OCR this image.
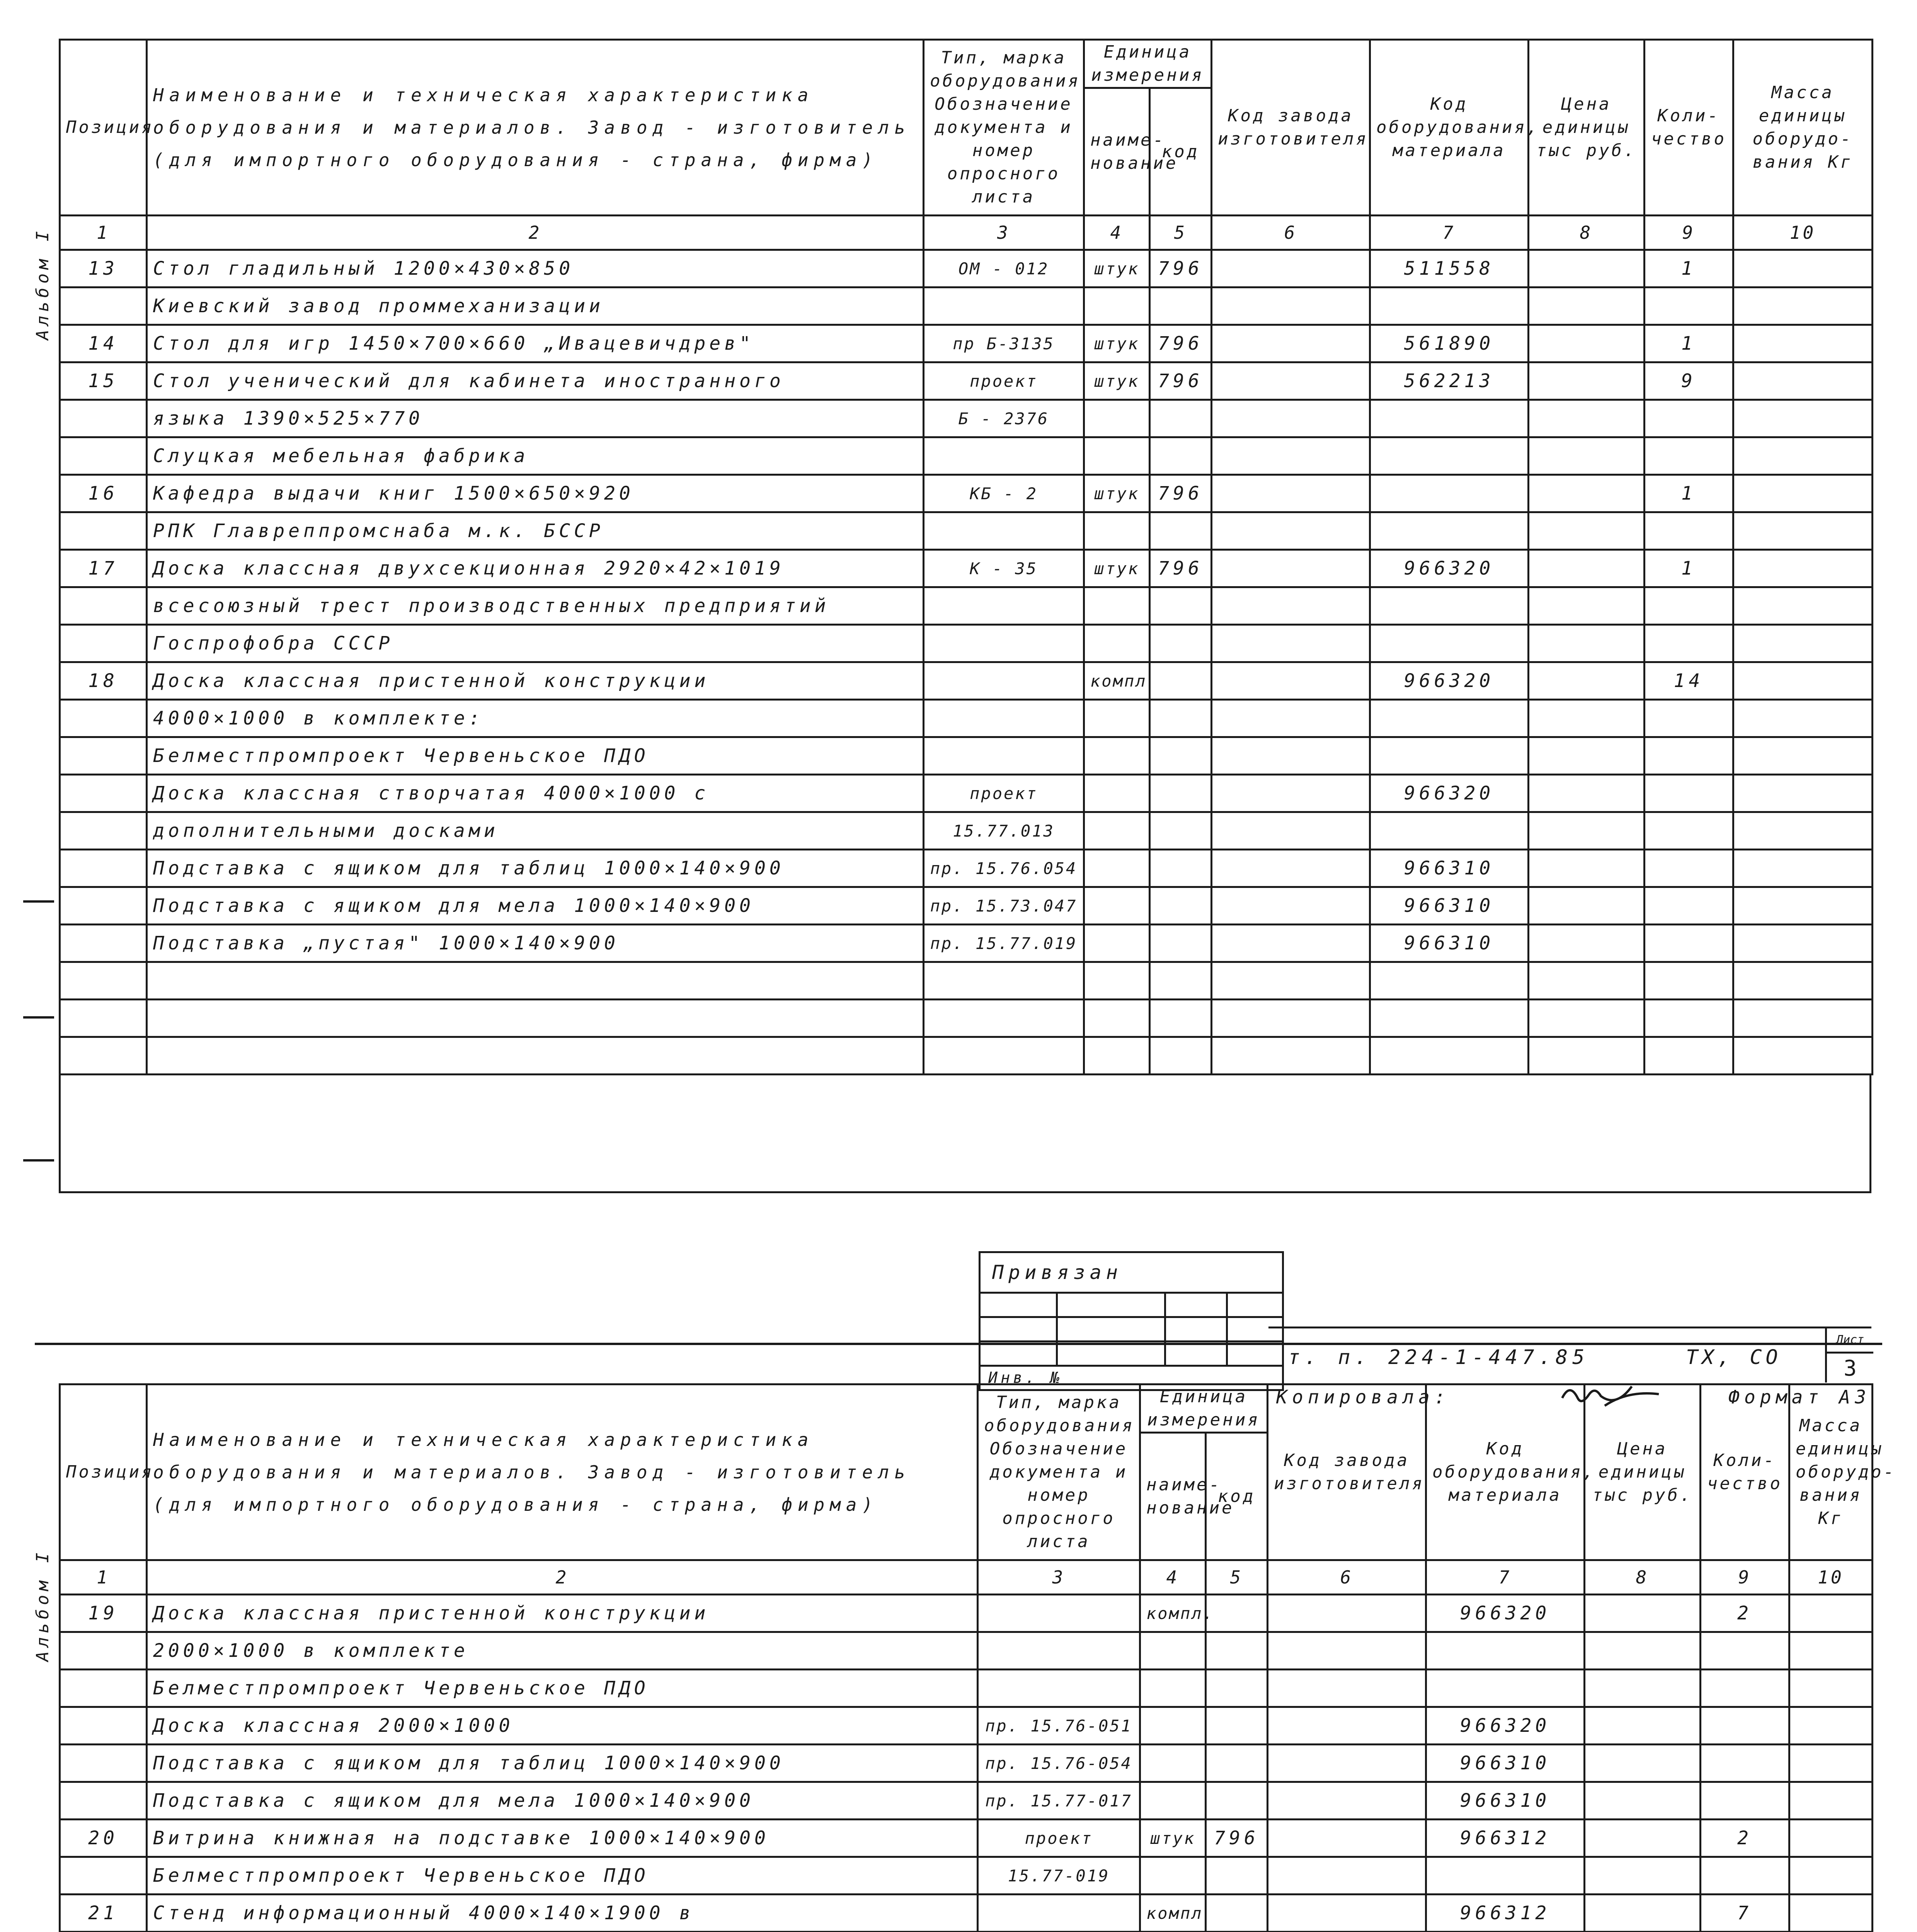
Позиция	Наименование и техническая характеристика оборудования и материалов. Завод - изготовитель (для импортного оборудования - страна, фирма)	Тип, марка оборудования Обозначение документа и номер опросного листа	Единица измерения		Код завода изготовителя	Код оборудования, материала	Цена единицы тыс руб.	Коли-чество	Масса единицы оборудо-вания Кг
			наиме-нование	код					
1	2	3	4	5	6	7	8	9	10
13	Стол гладильный 1200×430×850	ОМ - 012	штук	796		511558		1	
	Киевский завод проммеханизации								
14	Стол для игр 1450×700×660 „Ивацевичдрев"	пр Б-3135	штук	796		561890		1	
15	Стол ученический для кабинета иностранного	проект	штук	796		562213		9	
	языка 1390×525×770	Б - 2376							
	Слуцкая мебельная фабрика								
16	Кафедра выдачи книг 1500×650×920	КБ - 2	штук	796				1	
	РПК Главреппромснаба м.к. БССР								
17	Доска классная двухсекционная 2920×42×1019	К - 35	штук	796		966320		1	
	всесоюзный трест производственных предприятий								
	Госпрофобра СССР								
18	Доска классная пристенной конструкции		компл			966320		14	
	4000×1000 в комплекте:								
	Белместпромпроект Червеньское ПДО								
	Доска классная створчатая 4000×1000 с	проект				966320			
	дополнительными досками	15.77.013							
	Подставка с ящиком для таблиц 1000×140×900	пр. 15.76.054				966310			
	Подставка с ящиком для мела 1000×140×900	пр. 15.73.047				966310			
	Подставка „пустая" 1000×140×900	пр. 15.77.019				966310			

Привязан
Инв. №
т. п. 224-1-447.85	ТХ, СО
Лист
3
Копировала:	Формат А3
Альбом I
Позиция	Наименование и техническая характеристика оборудования и материалов. Завод - изготовитель (для импортного оборудования - страна, фирма)	Тип, марка оборудования Обозначение документа и номер опросного листа	Единица измерения		Код завода изготовителя	Код оборудования, материала	Цена единицы тыс руб.	Коли-чество	Масса единицы оборудо-вания Кг
			наиме-нование	код					
1	2	3	4	5	6	7	8	9	10
19	Доска классная пристенной конструкции		компл.			966320		2	
	2000×1000 в комплекте								
	Белместпромпроект Червеньское ПДО								
	Доска классная 2000×1000	пр. 15.76-051				966320			
	Подставка с ящиком для таблиц 1000×140×900	пр. 15.76-054				966310			
	Подставка с ящиком для мела 1000×140×900	пр. 15.77-017				966310			
20	Витрина книжная на подставке 1000×140×900	проект	штук	796		966312		2	
	Белместпромпроект Червеньское ПДО	15.77-019							
21	Стенд информационный 4000×140×1900 в		компл			966312		7	

Альбом I
